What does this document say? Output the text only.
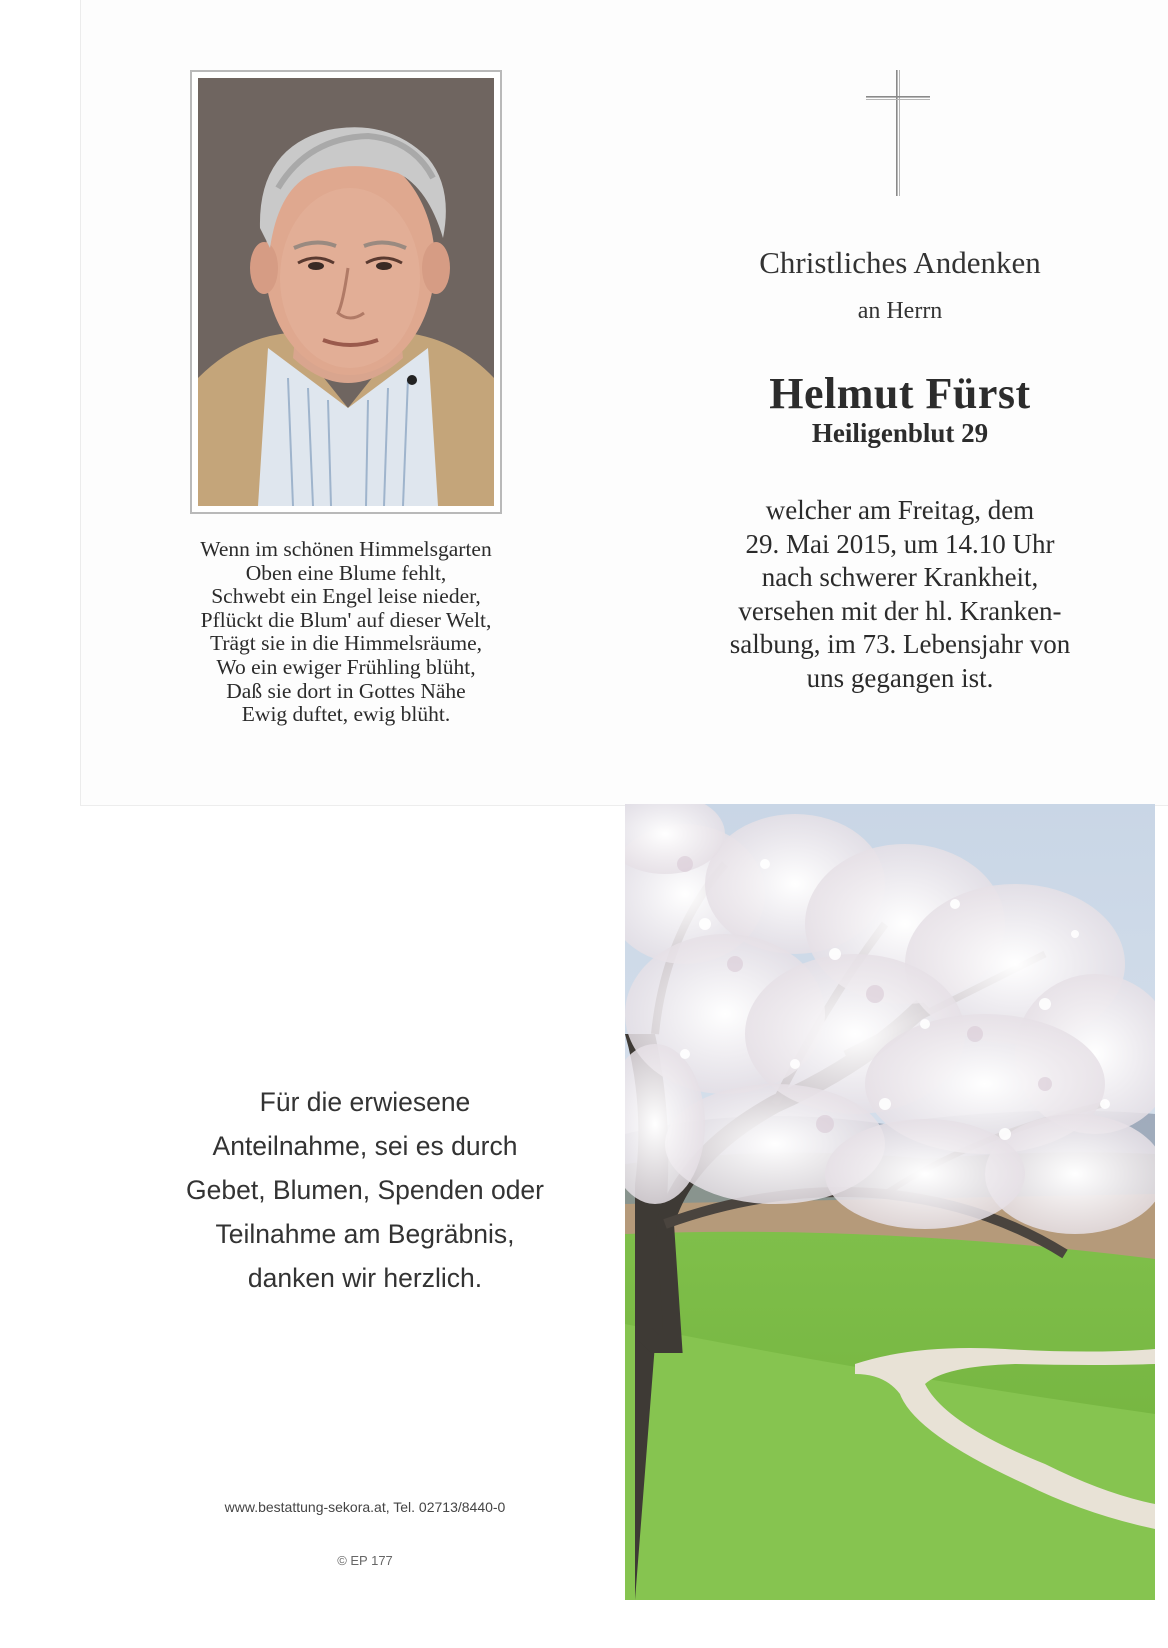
Wenn im schönen Himmelsgarten
Oben eine Blume fehlt,
Schwebt ein Engel leise nieder,
Pflückt die Blum' auf dieser Welt,
Trägt sie in die Himmelsräume,
Wo ein ewiger Frühling blüht,
Daß sie dort in Gottes Nähe
Ewig duftet, ewig blüht.
Christliches Andenken
an Herrn
Helmut Fürst
Heiligenblut 29
welcher am Freitag, dem
29. Mai 2015, um 14.10 Uhr
nach schwerer Krankheit,
versehen mit der hl. Kranken-
salbung, im 73. Lebensjahr von
uns gegangen ist.
Für die erwiesene
Anteilnahme, sei es durch
Gebet, Blumen, Spenden oder
Teilnahme am Begräbnis,
danken wir herzlich.
www.bestattung-sekora.at, Tel. 02713/8440-0
© EP 177
